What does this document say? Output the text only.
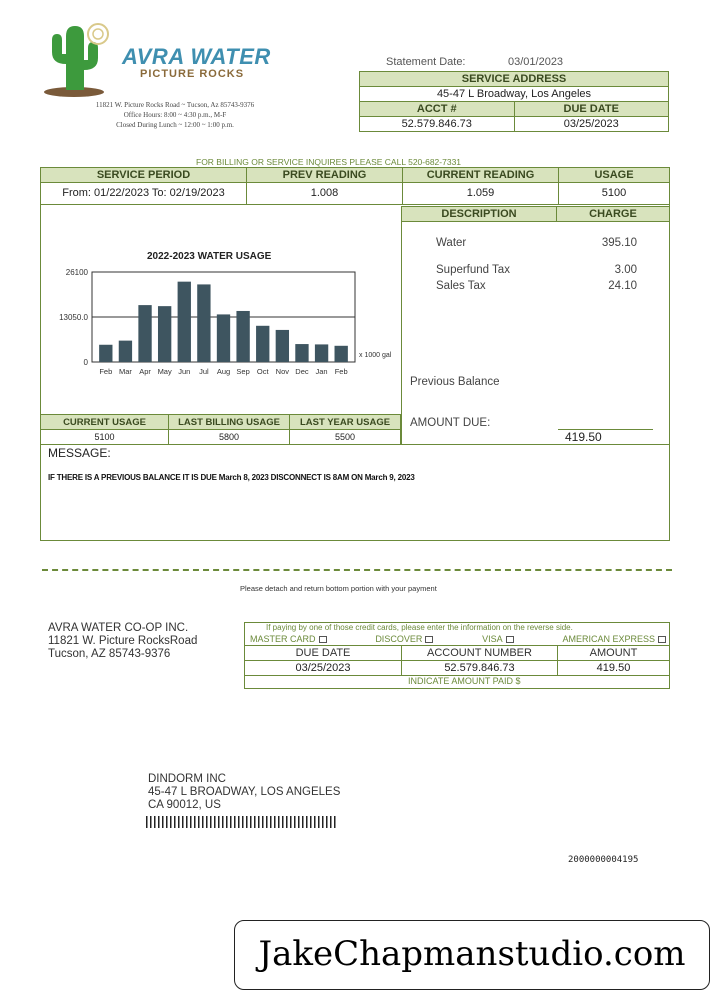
AVRA WATER
PICTURE ROCKS
11821 W. Picture Rocks Road ~ Tucson, Az 85743-9376
Office Hours: 8:00 ~ 4:30 p.m., M-F
Closed During Lunch ~ 12:00 ~ 1:00 p.m.
Statement Date:	03/01/2023
SERVICE ADDRESS	
45-47 L Broadway, Los Angeles	
ACCT #	DUE DATE
52.579.846.73	03/25/2023
FOR BILLING OR SERVICE INQUIRES PLEASE CALL 520-682-7331
SERVICE PERIOD	PREV READING	CURRENT READING	USAGE
From: 01/22/2023 To: 02/19/2023	1.008	1.059	5100
DESCRIPTION	CHARGE
Water	395.10
Superfund Tax	3.00
Sales Tax	24.10
Previous Balance
AMOUNT DUE:
419.50
2022-2023 WATER USAGE
26100
13050.0
0
Feb Mar Apr May Jun Jul Aug Sep Oct Nov Dec Jan Feb
x 1000 gal
CURRENT USAGE	LAST BILLING USAGE	LAST YEAR USAGE
5100	5800	5500
MESSAGE:
IF THERE IS A PREVIOUS BALANCE IT IS DUE March 8, 2023 DISCONNECT IS 8AM ON March 9, 2023
Please detach and return bottom portion with your payment
AVRA WATER CO-OP INC.
11821 W. Picture RocksRoad
Tucson, AZ 85743-9376
If paying by one of those credit cards, please enter the information on the reverse side.
MASTER CARD	DISCOVER	VISA	AMERICAN EXPRESS
DUE DATE	ACCOUNT NUMBER	AMOUNT
03/25/2023	52.579.846.73	419.50
INDICATE AMOUNT PAID $
DINDORM INC
45-47 L BROADWAY, LOS ANGELES
CA 90012, US
2000000004195
JakeChapmanstudio.com
